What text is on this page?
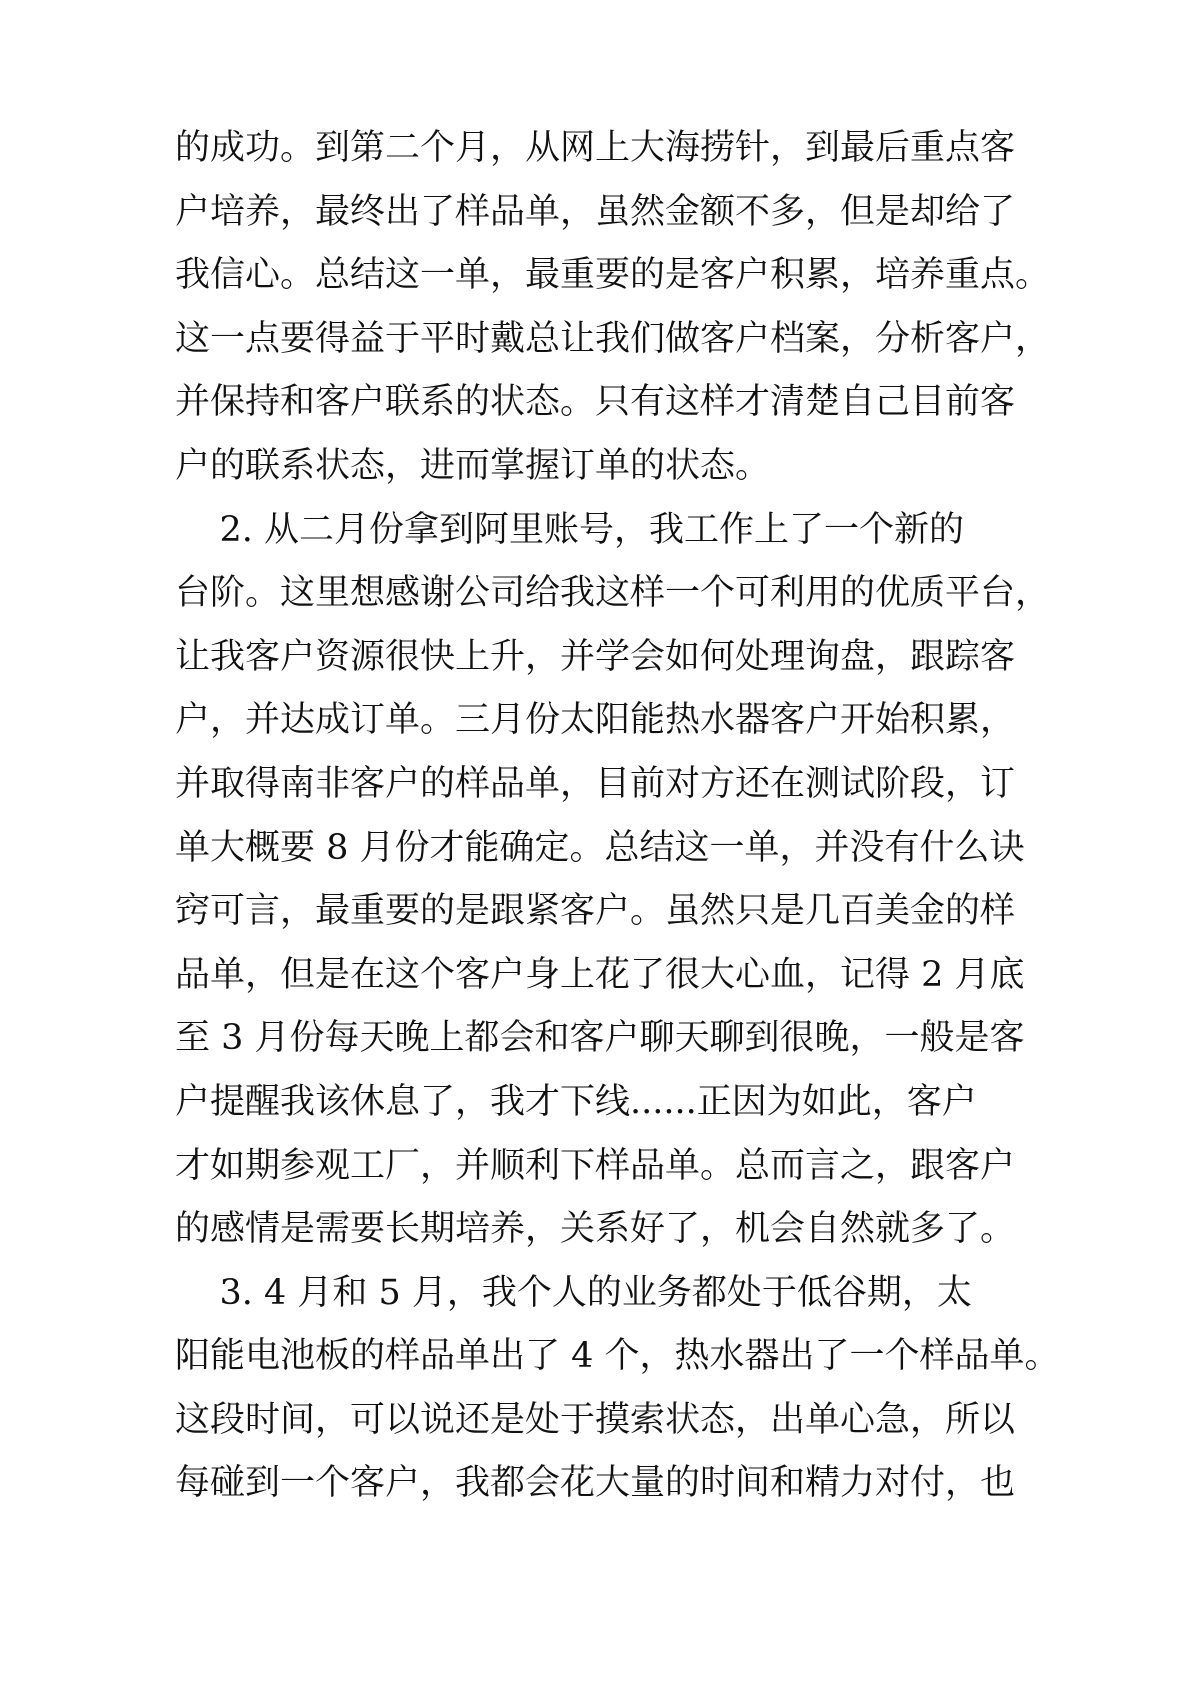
的成功。到第二个月，从网上大海捞针，到最后重点客
户培养，最终出了样品单，虽然金额不多，但是却给了
我信心。总结这一单，最重要的是客户积累，培养重点。
这一点要得益于平时戴总让我们做客户档案，分析客户，
并保持和客户联系的状态。只有这样才清楚自己目前客
户的联系状态，进而掌握订单的状态。
2. 从二月份拿到阿里账号，我工作上了一个新的
台阶。这里想感谢公司给我这样一个可利用的优质平台，
让我客户资源很快上升，并学会如何处理询盘，跟踪客
户，并达成订单。三月份太阳能热水器客户开始积累，
并取得南非客户的样品单，目前对方还在测试阶段，订
单大概要 8 月份才能确定。总结这一单，并没有什么诀
窍可言，最重要的是跟紧客户。虽然只是几百美金的样
品单，但是在这个客户身上花了很大心血，记得 2 月底
至 3 月份每天晚上都会和客户聊天聊到很晚，一般是客
户提醒我该休息了，我才下线......正因为如此，客户
才如期参观工厂，并顺利下样品单。总而言之，跟客户
的感情是需要长期培养，关系好了，机会自然就多了。
3. 4 月和 5 月，我个人的业务都处于低谷期，太
阳能电池板的样品单出了 4 个，热水器出了一个样品单。
这段时间，可以说还是处于摸索状态，出单心急，所以
每碰到一个客户，我都会花大量的时间和精力对付，也
